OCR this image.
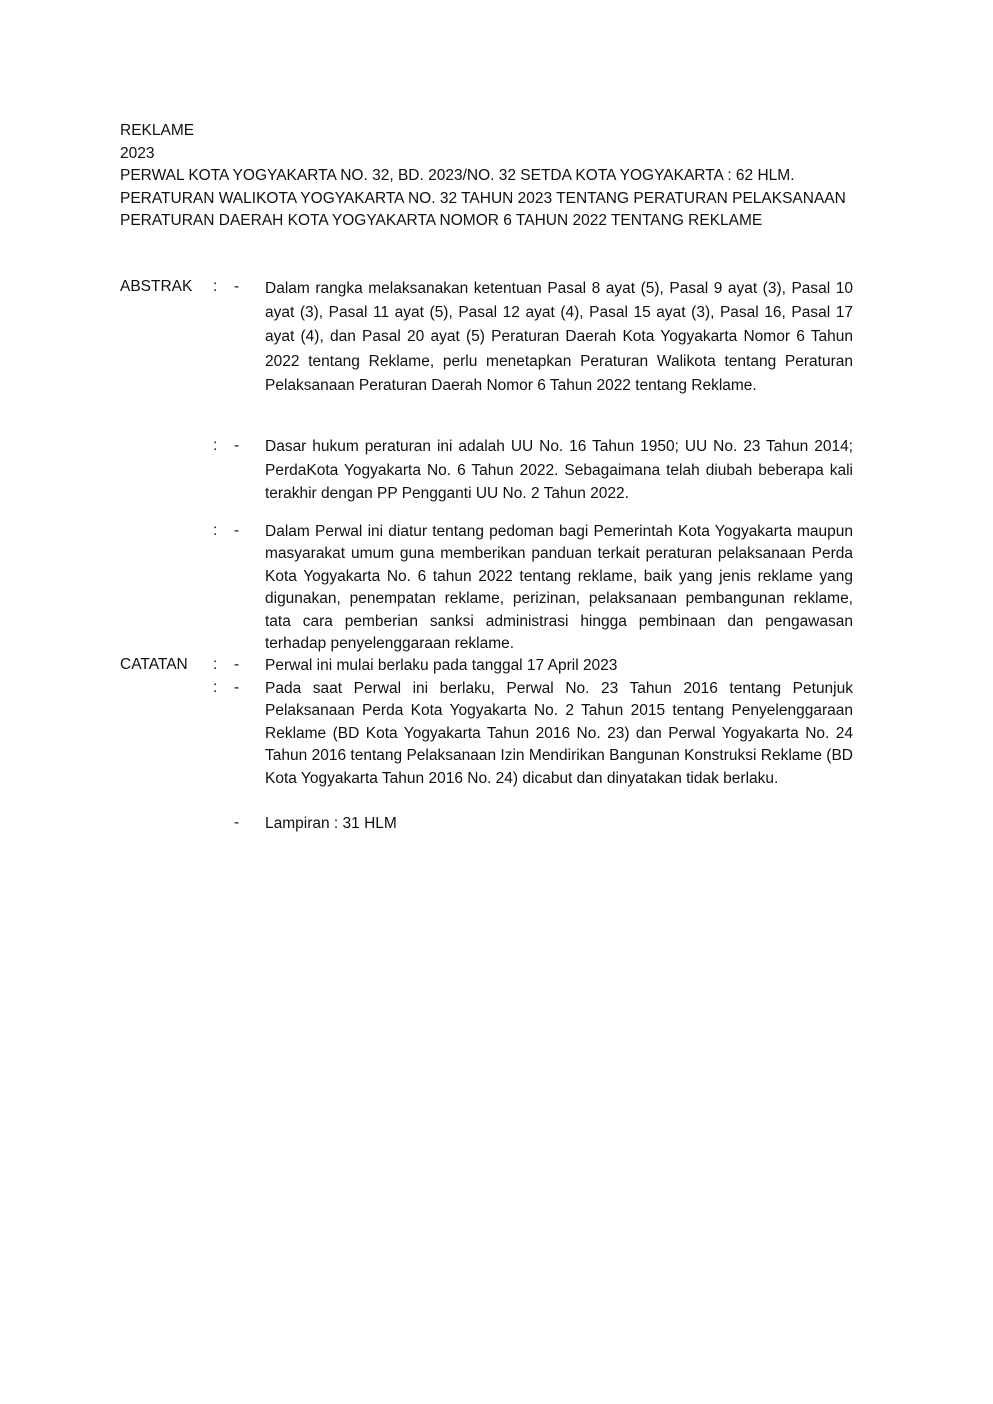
REKLAME
2023
PERWAL KOTA YOGYAKARTA NO. 32, BD. 2023/NO. 32 SETDA KOTA YOGYAKARTA : 62 HLM.
PERATURAN WALIKOTA YOGYAKARTA NO. 32 TAHUN 2023 TENTANG PERATURAN PELAKSANAAN
PERATURAN DAERAH KOTA YOGYAKARTA NOMOR 6 TAHUN 2022 TENTANG REKLAME
ABSTRAK : - Dalam rangka melaksanakan ketentuan Pasal 8 ayat (5), Pasal 9 ayat (3), Pasal 10 ayat (3), Pasal 11 ayat (5), Pasal 12 ayat (4), Pasal 15 ayat (3), Pasal 16, Pasal 17 ayat (4), dan Pasal 20 ayat (5) Peraturan Daerah Kota Yogyakarta Nomor 6 Tahun 2022 tentang Reklame, perlu menetapkan Peraturan Walikota tentang Peraturan Pelaksanaan Peraturan Daerah Nomor 6 Tahun 2022 tentang Reklame.
: - Dasar hukum peraturan ini adalah UU No. 16 Tahun 1950; UU No. 23 Tahun 2014; PerdaKota Yogyakarta No. 6 Tahun 2022. Sebagaimana telah diubah beberapa kali terakhir dengan PP Pengganti UU No. 2 Tahun 2022.
: - Dalam Perwal ini diatur tentang pedoman bagi Pemerintah Kota Yogyakarta maupun masyarakat umum guna memberikan panduan terkait peraturan pelaksanaan Perda Kota Yogyakarta No. 6 tahun 2022 tentang reklame, baik yang jenis reklame yang digunakan, penempatan reklame, perizinan, pelaksanaan pembangunan reklame, tata cara pemberian sanksi administrasi hingga pembinaan dan pengawasan terhadap penyelenggaraan reklame.
CATATAN : - Perwal ini mulai berlaku pada tanggal 17 April 2023
: - Pada saat Perwal ini berlaku, Perwal No. 23 Tahun 2016 tentang Petunjuk Pelaksanaan Perda Kota Yogyakarta No. 2 Tahun 2015 tentang Penyelenggaraan Reklame (BD Kota Yogyakarta Tahun 2016 No. 23) dan Perwal Yogyakarta No. 24 Tahun 2016 tentang Pelaksanaan Izin Mendirikan Bangunan Konstruksi Reklame (BD Kota Yogyakarta Tahun 2016 No. 24) dicabut dan dinyatakan tidak berlaku.
- Lampiran : 31 HLM
